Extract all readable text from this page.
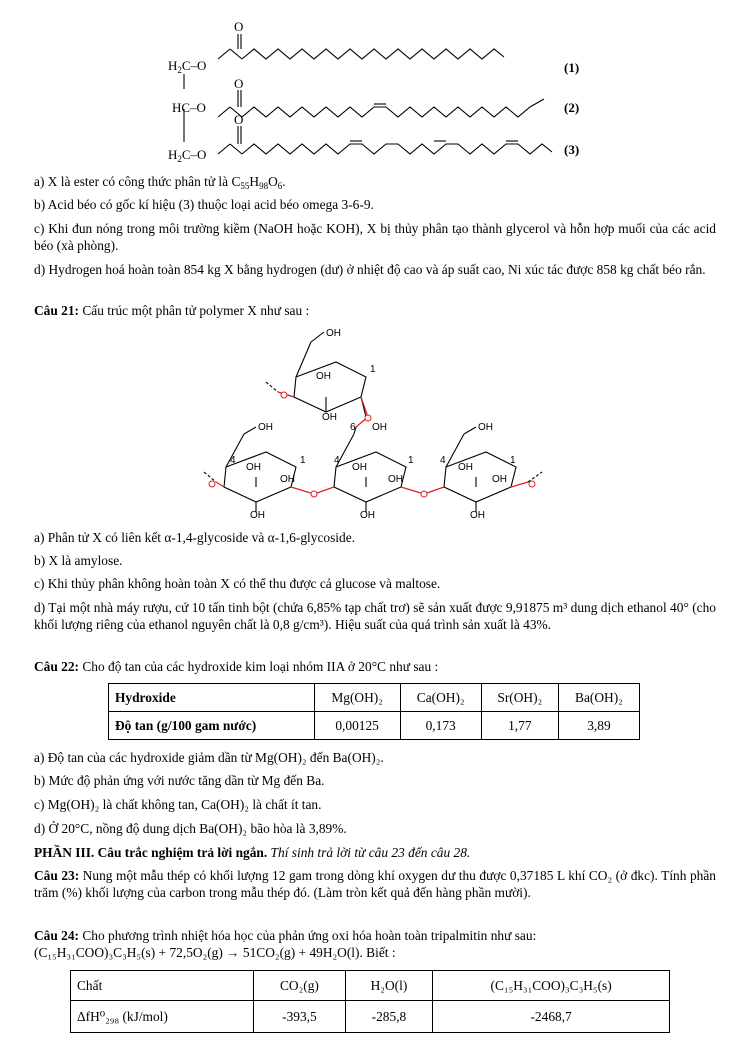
O
O
O
$H_2C-O$
HC–O
$H_2C-O$
(1)
(2)
(3)
a) X là ester có công thức phân tử là $C_{55}H_{98}O_6$.
b) Acid béo có gốc kí hiệu (3) thuộc loại acid béo omega 3-6-9.
c) Khi đun nóng trong môi trường kiềm (NaOH hoặc KOH), X bị thủy phân tạo thành glycerol và hỗn hợp muối của các acid béo (xà phòng).
d) Hydrogen hoá hoàn toàn 854 kg X bằng hydrogen (dư) ở nhiệt độ cao và áp suất cao, Ni xúc tác được 858 kg chất béo rắn.
Câu 21: Cấu trúc một phân tử polymer X như sau :
OH
OH
1
OH
6
OH
OH
4	1
OH
OH
OH
OH
4	1
OH
OH
OH
OH
4	1
OH
OH
a) Phân tử X có liên kết α-1,4-glycoside và α-1,6-glycoside.
b) X là amylose.
c) Khi thủy phân không hoàn toàn X có thể thu được cả glucose và maltose.
d) Tại một nhà máy rượu, cứ 10 tấn tinh bột (chứa 6,85% tạp chất trơ) sẽ sản xuất được 9,91875 m³ dung dịch ethanol 40° (cho khối lượng riêng của ethanol nguyên chất là 0,8 g/cm³). Hiệu suất của quá trình sản xuất là 43%.
Câu 22: Cho độ tan của các hydroxide kim loại nhóm IIA ở 20°C như sau :
Hydroxide	Mg(OH)₂	Ca(OH)₂	Sr(OH)₂	Ba(OH)₂
Độ tan (g/100 gam nước)	0,00125	0,173	1,77	3,89
a) Độ tan của các hydroxide giảm dần từ Mg(OH)₂ đến Ba(OH)₂.
b) Mức độ phản ứng với nước tăng dần từ Mg đến Ba.
c) Mg(OH)₂ là chất không tan, Ca(OH)₂ là chất ít tan.
d) Ở 20°C, nồng độ dung dịch Ba(OH)₂ bão hòa là 3,89%.
PHẦN III. Câu trắc nghiệm trả lời ngắn. Thí sinh trả lời từ câu 23 đến câu 28.
Câu 23: Nung một mẫu thép có khối lượng 12 gam trong dòng khí oxygen dư thu được 0,37185 L khí CO₂ (ở đkc). Tính phần trăm (%) khối lượng của carbon trong mẫu thép đó. (Làm tròn kết quả đến hàng phần mười).
Câu 24: Cho phương trình nhiệt hóa học của phản ứng oxi hóa hoàn toàn tripalmitin như sau:
(C₁₅H₃₁COO)₃C₃H₅(s) + 72,5O₂(g) → 51CO₂(g) + 49H₂O(l). Biết :
Chất	CO₂(g)	H₂O(l)	(C₁₅H₃₁COO)₃C₃H₅(s)
ΔfH⁰₂₉₈ (kJ/mol)	-393,5	-285,8	-2468,7
